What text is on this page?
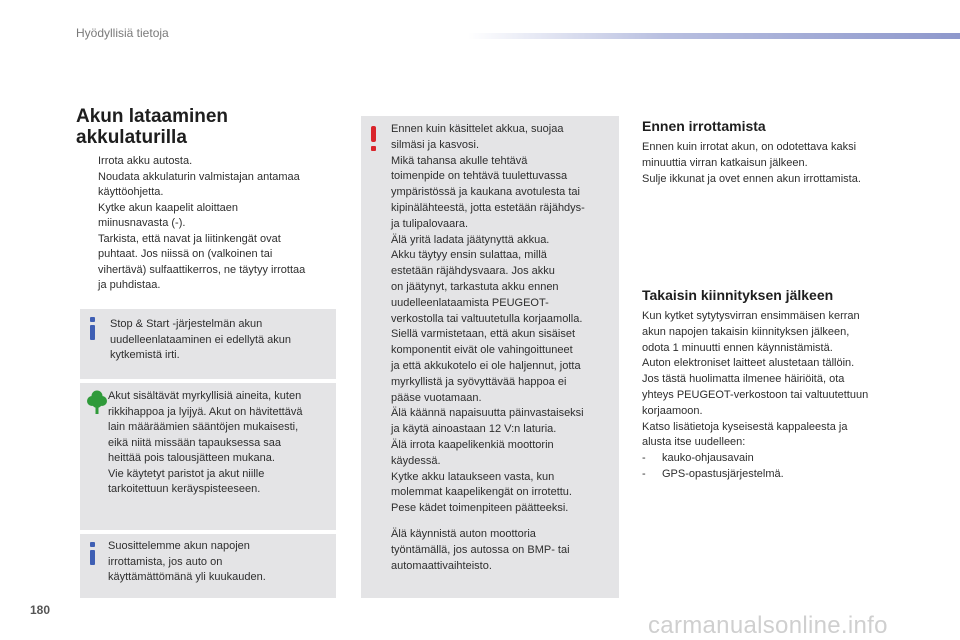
Hyödyllisiä tietoja
Akun lataaminen
akkulaturilla
Irrota akku autosta.
Noudata akkulaturin valmistajan antamaa
käyttöohjetta.
Kytke akun kaapelit aloittaen
miinusnavasta (-).
Tarkista, että navat ja liitinkengät ovat
puhtaat. Jos niissä on (valkoinen tai
vihertävä) sulfaattikerros, ne täytyy irrottaa
ja puhdistaa.
Stop & Start -järjestelmän akun
uudelleenlataaminen ei edellytä akun
kytkemistä irti.
Akut sisältävät myrkyllisiä aineita, kuten
rikkihappoa ja lyijyä. Akut on hävitettävä
lain määräämien sääntöjen mukaisesti,
eikä niitä missään tapauksessa saa
heittää pois talousjätteen mukana.
Vie käytetyt paristot ja akut niille
tarkoitettuun keräyspisteeseen.
Suosittelemme akun napojen
irrottamista, jos auto on
käyttämättömänä yli kuukauden.
Ennen kuin käsittelet akkua, suojaa
silmäsi ja kasvosi.
Mikä tahansa akulle tehtävä
toimenpide on tehtävä tuulettuvassa
ympäristössä ja kaukana avotulesta tai
kipinälähteestä, jotta estetään räjähdys-
ja tulipalovaara.
Älä yritä ladata jäätynyttä akkua.
Akku täytyy ensin sulattaa, millä
estetään räjähdysvaara. Jos akku
on jäätynyt, tarkastuta akku ennen
uudelleenlataamista PEUGEOT-
verkostolla tai valtuutetulla korjaamolla.
Siellä varmistetaan, että akun sisäiset
komponentit eivät ole vahingoittuneet
ja että akkukotelo ei ole haljennut, jotta
myrkyllistä ja syövyttävää happoa ei
pääse vuotamaan.
Älä käännä napaisuutta päinvastaiseksi
ja käytä ainoastaan 12 V:n laturia.
Älä irrota kaapelikenkiä moottorin
käydessä.
Kytke akku lataukseen vasta, kun
molemmat kaapelikengät on irrotettu.
Pese kädet toimenpiteen päätteeksi.
Älä käynnistä auton moottoria
työntämällä, jos autossa on BMP- tai
automaattivaihteisto.
Ennen irrottamista
Ennen kuin irrotat akun, on odotettava kaksi
minuuttia virran katkaisun jälkeen.
Sulje ikkunat ja ovet ennen akun irrottamista.
Takaisin kiinnityksen jälkeen
Kun kytket sytytysvirran ensimmäisen kerran
akun napojen takaisin kiinnityksen jälkeen,
odota 1 minuutti ennen käynnistämistä.
Auton elektroniset laitteet alustetaan tällöin.
Jos tästä huolimatta ilmenee häiriöitä, ota
yhteys PEUGEOT-verkostoon tai valtuutettuun
korjaamoon.
Katso lisätietoja kyseisestä kappaleesta ja
alusta itse uudelleen:
- kauko-ohjausavain
- GPS-opastusjärjestelmä.
180
carmanualsonline.info
